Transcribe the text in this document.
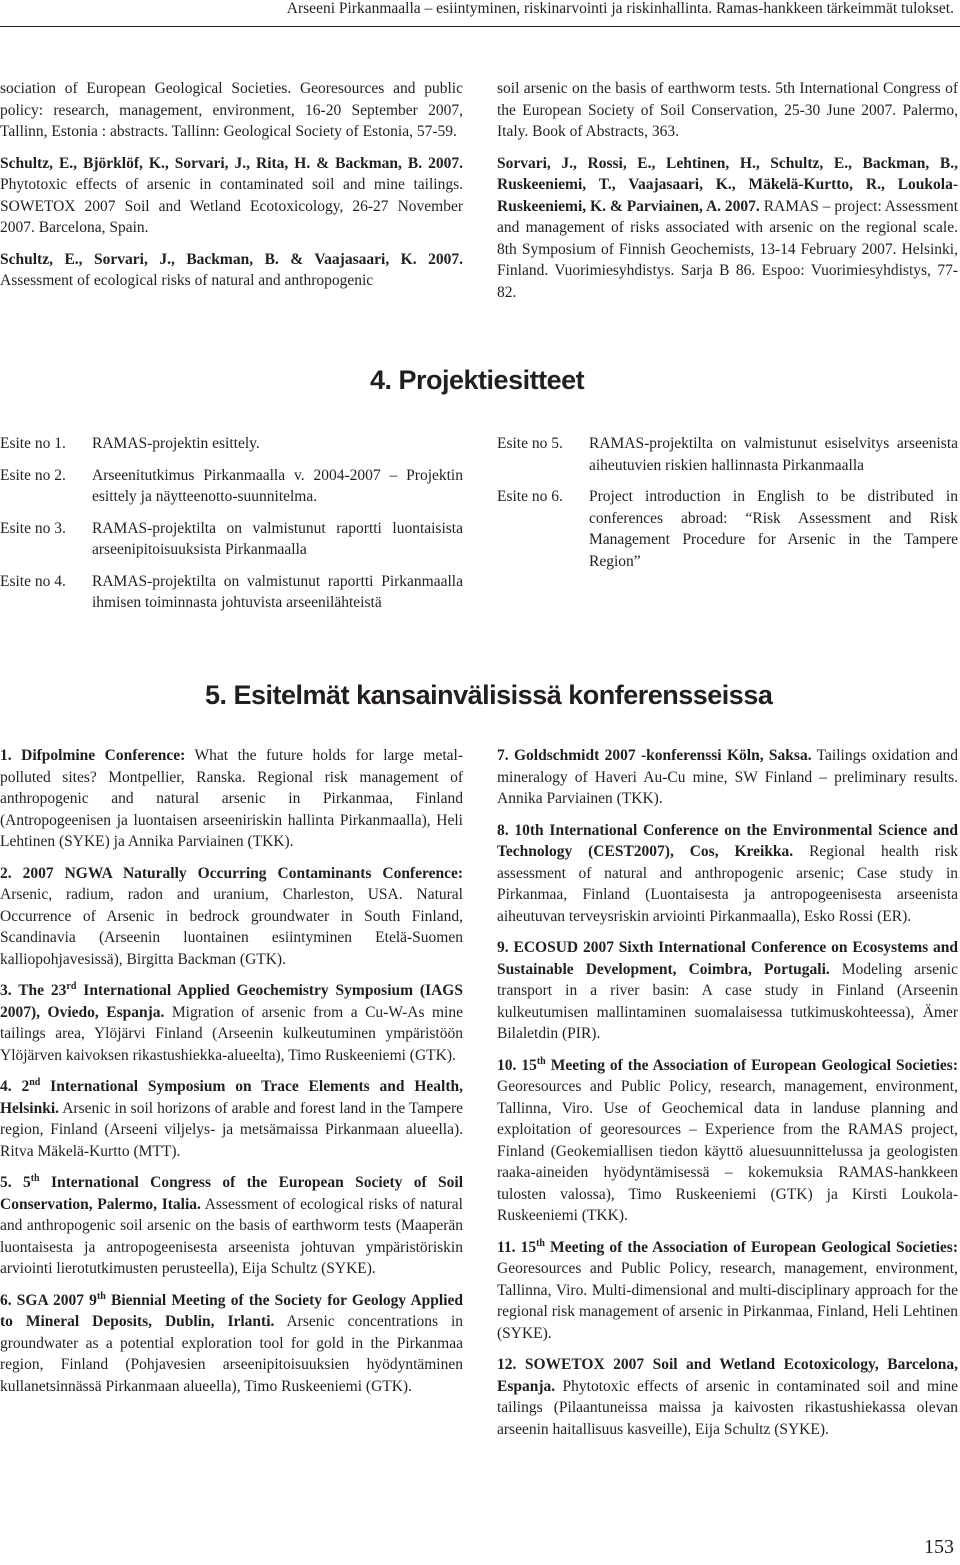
Arseeni Pirkanmaalla – esiintyminen, riskinarvointi ja riskinhallinta. Ramas-hankkeen tärkeimmät tulokset.

sociation of European Geological Societies. Georesources and public policy: research, management, environment, 16-20 September 2007, Tallinn, Estonia : abstracts. Tallinn: Geological Society of Estonia, 57-59.

Schultz, E., Björklöf, K., Sorvari, J., Rita, H. & Backman, B. 2007. Phytotoxic effects of arsenic in contaminated soil and mine tailings. SOWETOX 2007 Soil and Wetland Ecotoxicology, 26-27 November 2007. Barcelona, Spain.

Schultz, E., Sorvari, J., Backman, B. & Vaajasaari, K. 2007. Assessment of ecological risks of natural and anthropogenic

soil arsenic on the basis of earthworm tests. 5th International Congress of the European Society of Soil Conservation, 25-30 June 2007. Palermo, Italy. Book of Abstracts, 363.

Sorvari, J., Rossi, E., Lehtinen, H., Schultz, E., Backman, B., Ruskeeniemi, T., Vaajasaari, K., Mäkelä-Kurtto, R., Loukola-Ruskeeniemi, K. & Parviainen, A. 2007. RAMAS – project: Assessment and management of risks associated with arsenic on the regional scale. 8th Symposium of Finnish Geochemists, 13-14 February 2007. Helsinki, Finland. Vuorimiesyhdistys. Sarja B 86. Espoo: Vuorimiesyhdistys, 77-82.

4. Projektiesitteet
Esite no 1.	RAMAS-projektin esittely.
Esite no 2.	Arseenitutkimus Pirkanmaalla v. 2004-2007 – Projektin esittely ja näytteenotto-suunnitelma.
Esite no 3.	RAMAS-projektilta on valmistunut raportti luontaisista arseenipitoisuuksista Pirkanmaalla
Esite no 4.	RAMAS-projektilta on valmistunut raportti Pirkanmaalla ihmisen toiminnasta johtuvista arseenilähteistä
Esite no 5.	RAMAS-projektilta on valmistunut esiselvitys arseenista aiheutuvien riskien hallinnasta Pirkanmaalla
Esite no 6.	Project introduction in English to be distributed in conferences abroad: “Risk Assessment and Risk Management Procedure for Arsenic in the Tampere Region”
5. Esitelmät kansainvälisissä konferensseissa

1. Difpolmine Conference: What the future holds for large metal-polluted sites? Montpellier, Ranska. Regional risk management of anthropogenic and natural arsenic in Pirkanmaa, Finland (Antropogeenisen ja luontaisen arseeniriskin hallinta Pirkanmaalla), Heli Lehtinen (SYKE) ja Annika Parviainen (TKK).

2. 2007 NGWA Naturally Occurring Contaminants Conference: Arsenic, radium, radon and uranium, Charleston, USA. Natural Occurrence of Arsenic in bedrock groundwater in South Finland, Scandinavia (Arseenin luontainen esiintyminen Etelä-Suomen kalliopohjavesissä), Birgitta Backman (GTK).

3. The 23rd International Applied Geochemistry Symposium (IAGS 2007), Oviedo, Espanja. Migration of arsenic from a Cu-W-As mine tailings area, Ylöjärvi Finland (Arseenin kulkeutuminen ympäristöön Ylöjärven kaivoksen rikastushiekka-alueelta), Timo Ruskeeniemi (GTK).

4. 2nd International Symposium on Trace Elements and Health, Helsinki. Arsenic in soil horizons of arable and forest land in the Tampere region, Finland (Arseeni viljelys- ja metsämaissa Pirkanmaan alueella). Ritva Mäkelä-Kurtto (MTT).

5. 5th International Congress of the European Society of Soil Conservation, Palermo, Italia. Assessment of ecological risks of natural and anthropogenic soil arsenic on the basis of earthworm tests (Maaperän luontaisesta ja antropogeenisesta arseenista johtuvan ympäristöriskin arviointi lierotutkimusten perusteella), Eija Schultz (SYKE).

6. SGA 2007 9th Biennial Meeting of the Society for Geology Applied to Mineral Deposits, Dublin, Irlanti. Arsenic concentrations in groundwater as a potential exploration tool for gold in the Pirkanmaa region, Finland (Pohjavesien arseenipitoisuuksien hyödyntäminen kullanetsinnässä Pirkanmaan alueella), Timo Ruskeeniemi (GTK).

7. Goldschmidt 2007 -konferenssi Köln, Saksa. Tailings oxidation and mineralogy of Haveri Au-Cu mine, SW Finland – preliminary results. Annika Parviainen (TKK).

8. 10th International Conference on the Environmental Science and Technology (CEST2007), Cos, Kreikka. Regional health risk assessment of natural and anthropogenic arsenic; Case study in Pirkanmaa, Finland (Luontaisesta ja antropogeenisesta arseenista aiheutuvan terveysriskin arviointi Pirkanmaalla), Esko Rossi (ER).

9. ECOSUD 2007 Sixth International Conference on Ecosystems and Sustainable Development, Coimbra, Portugali. Modeling arsenic transport in a river basin: A case study in Finland (Arseenin kulkeutumisen mallintaminen suomalaisessa tutkimuskohteessa), Ämer Bilaletdin (PIR).

10. 15th Meeting of the Association of European Geological Societies: Georesources and Public Policy, research, management, environment, Tallinna, Viro. Use of Geochemical data in landuse planning and exploitation of georesources – Experience from the RAMAS project, Finland (Geokemiallisen tiedon käyttö aluesuunnittelussa ja geologisten raaka-aineiden hyödyntämisessä – kokemuksia RAMAS-hankkeen tulosten valossa), Timo Ruskeeniemi (GTK) ja Kirsti Loukola-Ruskeeniemi (TKK).

11. 15th Meeting of the Association of European Geological Societies: Georesources and Public Policy, research, management, environment, Tallinna, Viro. Multi-dimensional and multi-disciplinary approach for the regional risk management of arsenic in Pirkanmaa, Finland, Heli Lehtinen (SYKE).

12. SOWETOX 2007 Soil and Wetland Ecotoxicology, Barcelona, Espanja. Phytotoxic effects of arsenic in contaminated soil and mine tailings (Pilaantuneissa maissa ja kaivosten rikastushiekassa olevan arseenin haitallisuus kasveille), Eija Schultz (SYKE).

153
